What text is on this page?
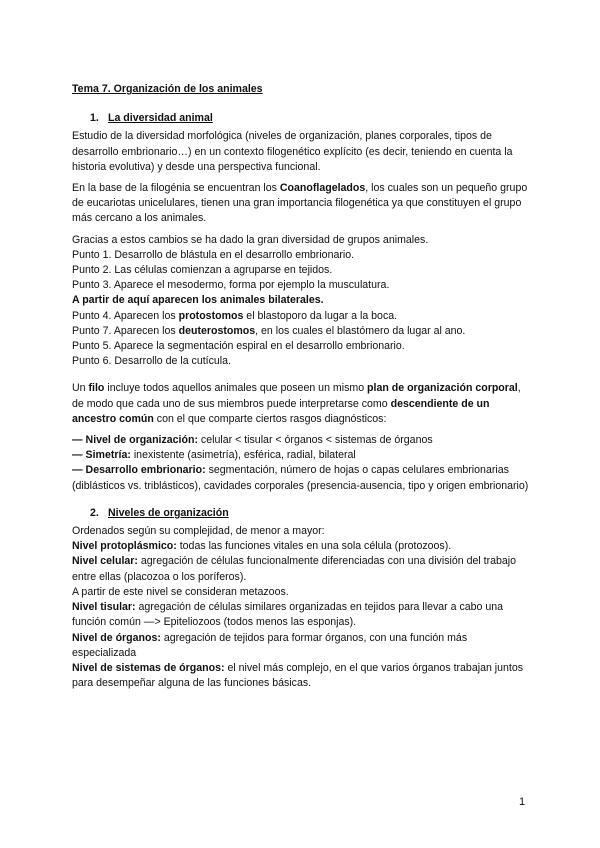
Tema 7. Organización de los animales
1. La diversidad animal

Estudio de la diversidad morfológica (niveles de organización, planes corporales, tipos de desarrollo embrionario…) en un contexto filogenético explícito (es decir, teniendo en cuenta la historia evolutiva) y desde una perspectiva funcional.

En la base de la filogénia se encuentran los Coanoflagelados, los cuales son un pequeño grupo de eucariotas unicelulares, tienen una gran importancia filogenética ya que constituyen el grupo más cercano a los animales.

Gracias a estos cambios se ha dado la gran diversidad de grupos animales.
Punto 1. Desarrollo de blástula en el desarrollo embrionario.
Punto 2. Las células comienzan a agruparse en tejidos.
Punto 3. Aparece el mesodermo, forma por ejemplo la musculatura.
A partir de aquí aparecen los animales bilaterales.
Punto 4. Aparecen los protostomos el blastoporo da lugar a la boca.
Punto 7. Aparecen los deuterostomos, en los cuales el blastómero da lugar al ano.
Punto 5. Aparece la segmentación espiral en el desarrollo embrionario.
Punto 6. Desarrollo de la cutícula.

Un filo incluye todos aquellos animales que poseen un mismo plan de organización corporal, de modo que cada uno de sus miembros puede interpretarse como descendiente de un ancestro común con el que comparte ciertos rasgos diagnósticos:

— Nivel de organización: celular < tisular < órganos < sistemas de órganos
— Simetría: inexistente (asimetría), esférica, radial, bilateral
— Desarrollo embrionario: segmentación, número de hojas o capas celulares embrionarias (diblásticos vs. triblásticos), cavidades corporales (presencia-ausencia, tipo y origen embrionario)
2. Niveles de organización
Ordenados según su complejidad, de menor a mayor:
Nivel protoplásmico: todas las funciones vitales en una sola célula (protozoos).
Nivel celular: agregación de células funcionalmente diferenciadas con una división del trabajo entre ellas (placozoa o los poríferos).
A partir de este nivel se consideran metazoos.
Nivel tisular: agregación de células similares organizadas en tejidos para llevar a cabo una función común —> Epiteliozoos (todos menos las esponjas).
Nivel de órganos: agregación de tejidos para formar órganos, con una función más especializada
Nivel de sistemas de órganos: el nivel más complejo, en el que varios órganos trabajan juntos para desempeñar alguna de las funciones básicas.
1
